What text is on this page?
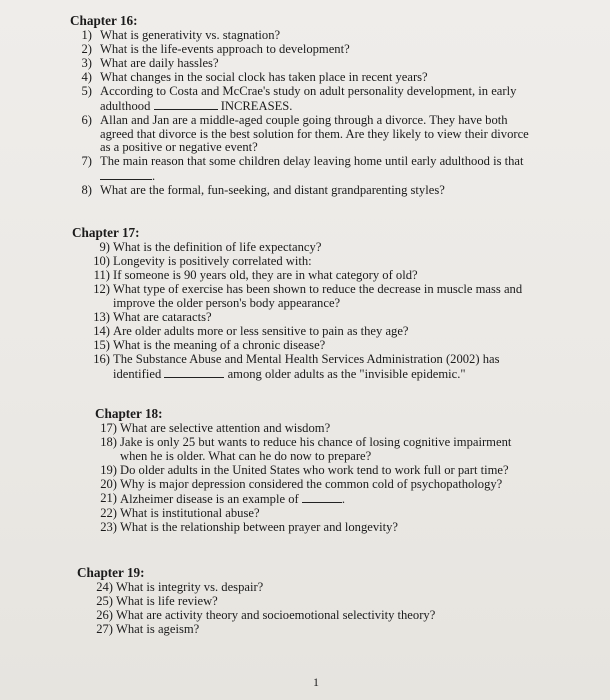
Chapter 16:
1) What is generativity vs. stagnation?
2) What is the life-events approach to development?
3) What are daily hassles?
4) What changes in the social clock has taken place in recent years?
5) According to Costa and McCrae's study on adult personality development, in early adulthood	INCREASES.
6) Allan and Jan are a middle-aged couple going through a divorce. They have both agreed that divorce is the best solution for them. Are they likely to view their divorce as a positive or negative event?
7) The main reason that some children delay leaving home until early adulthood is that .
8) What are the formal, fun-seeking, and distant grandparenting styles?
Chapter 17:
9) What is the definition of life expectancy?
10) Longevity is positively correlated with:
11) If someone is 90 years old, they are in what category of old?
12) What type of exercise has been shown to reduce the decrease in muscle mass and improve the older person's body appearance?
13) What are cataracts?
14) Are older adults more or less sensitive to pain as they age?
15) What is the meaning of a chronic disease?
16) The Substance Abuse and Mental Health Services Administration (2002) has identified	among older adults as the "invisible epidemic."
Chapter 18:
17) What are selective attention and wisdom?
18) Jake is only 25 but wants to reduce his chance of losing cognitive impairment when he is older. What can he do now to prepare?
19) Do older adults in the United States who work tend to work full or part time?
20) Why is major depression considered the common cold of psychopathology?
21) Alzheimer disease is an example of	.
22) What is institutional abuse?
23) What is the relationship between prayer and longevity?
Chapter 19:
24) What is integrity vs. despair?
25) What is life review?
26) What are activity theory and socioemotional selectivity theory?
27) What is ageism?
1
